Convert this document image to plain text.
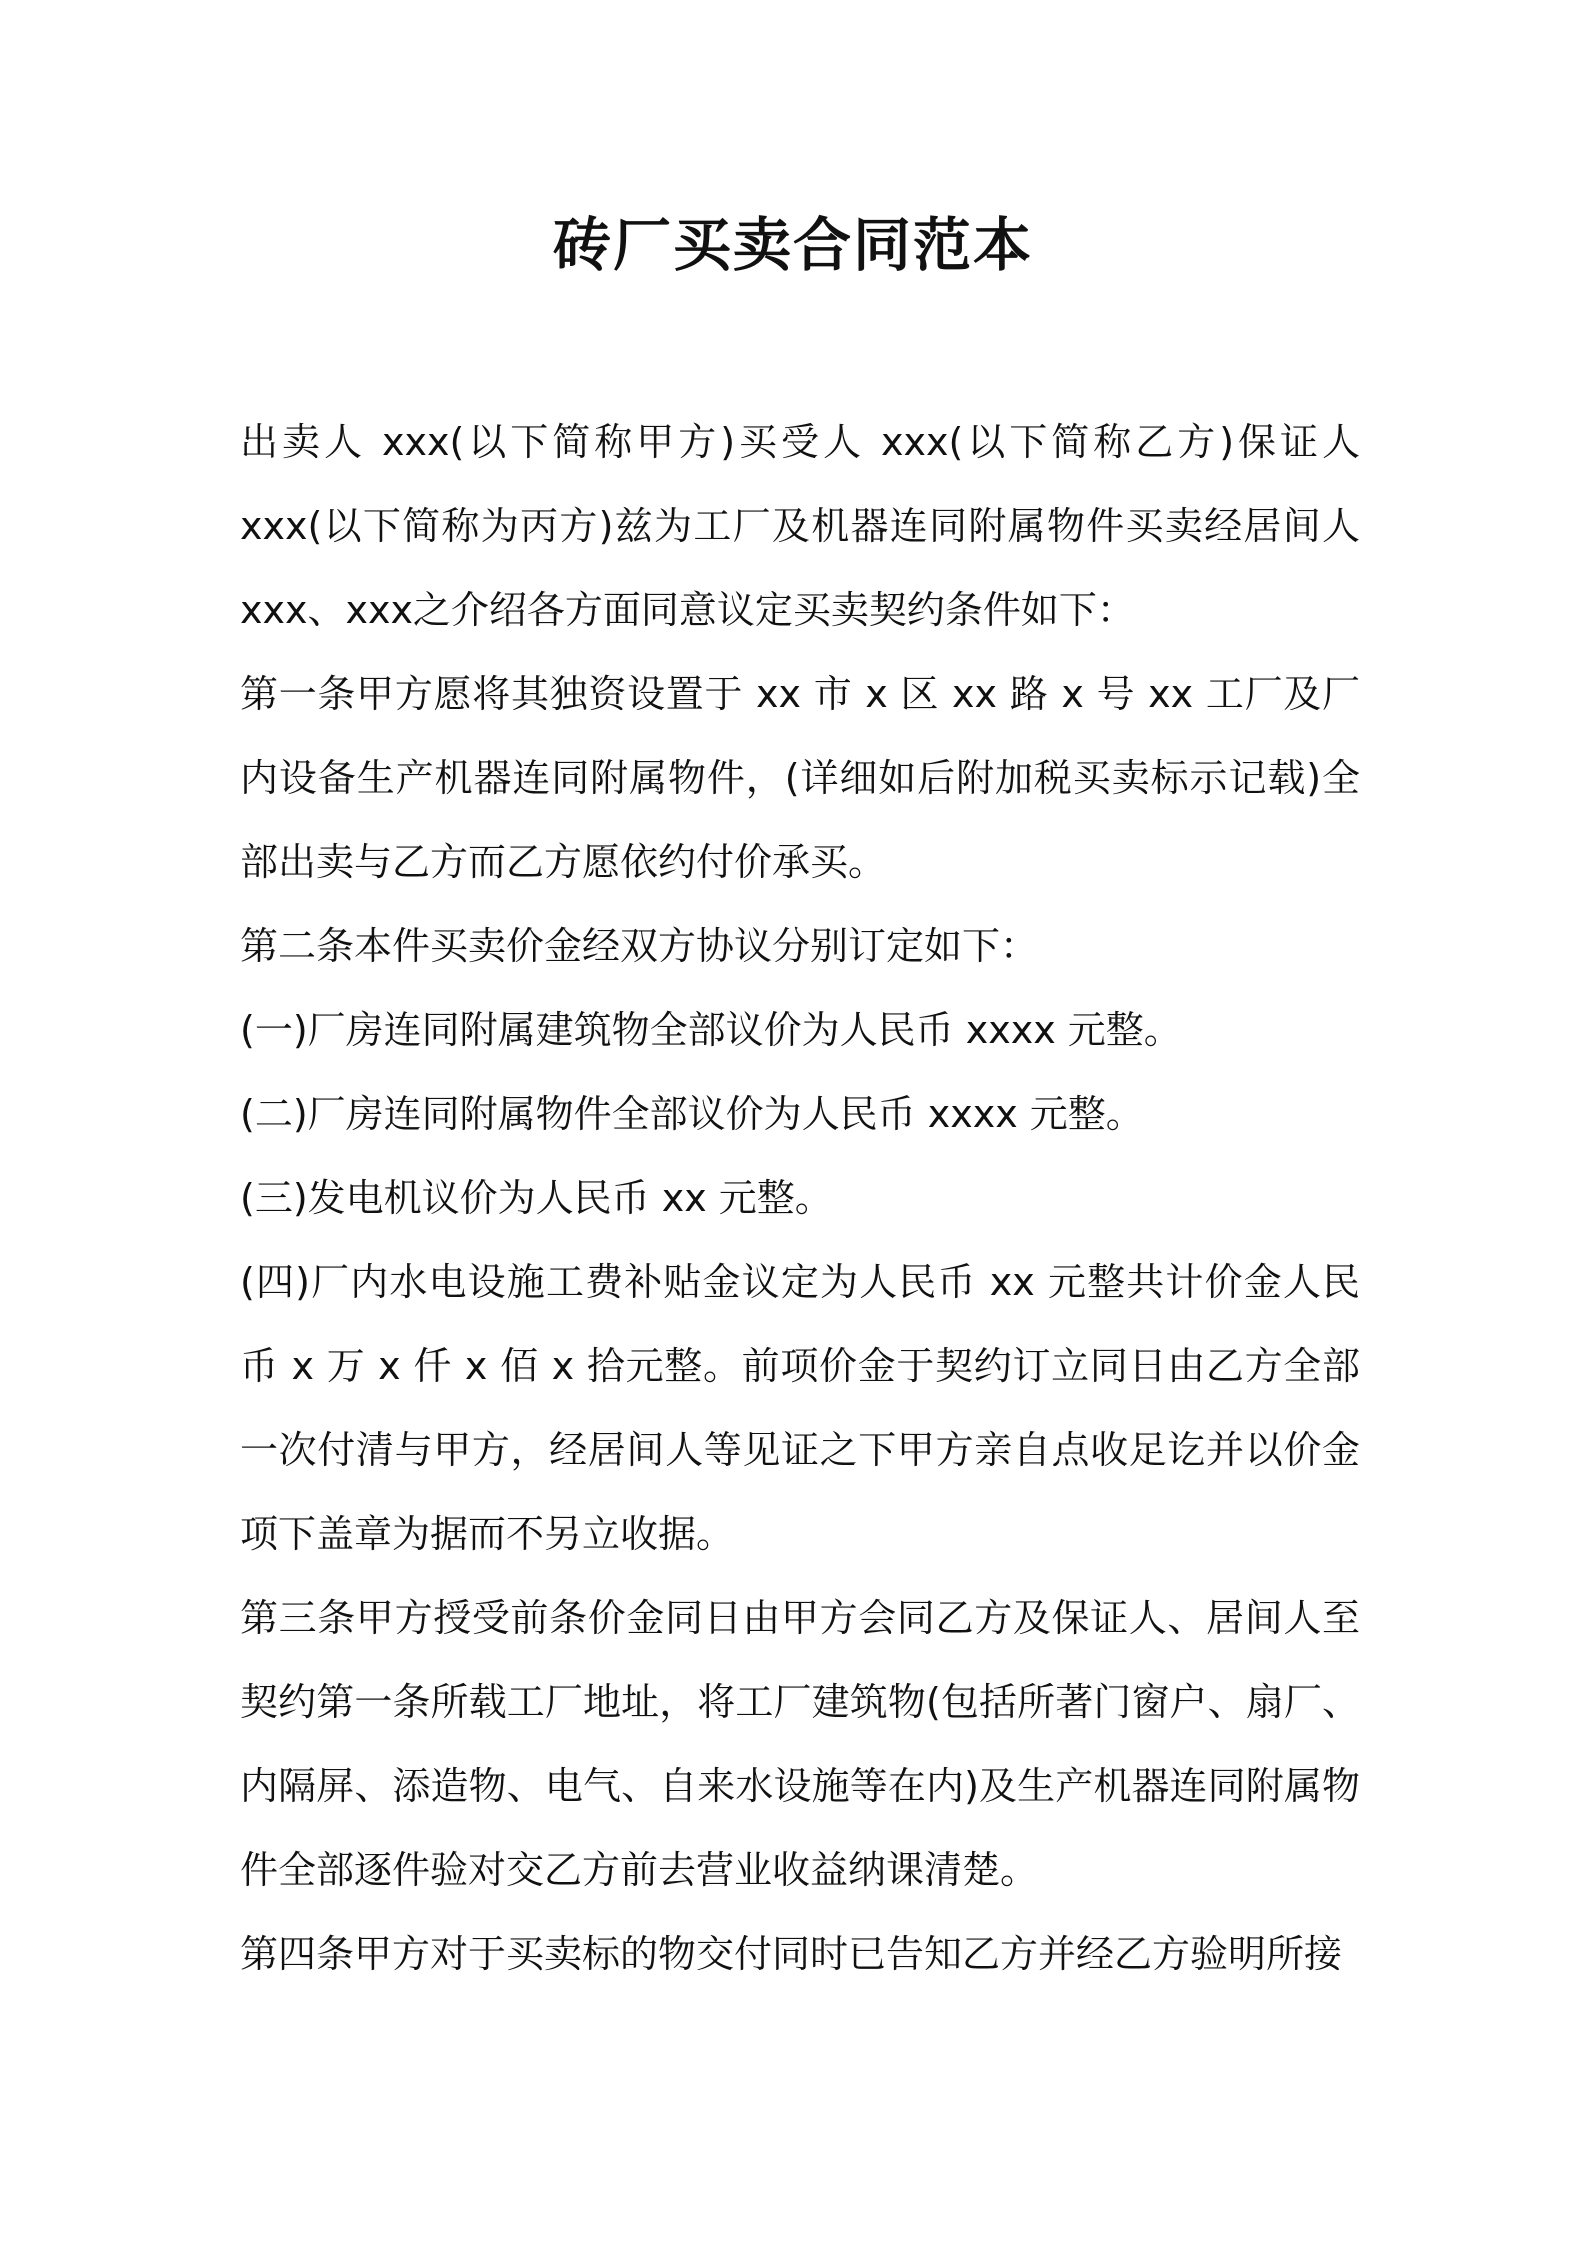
砖厂买卖合同范本

出卖人 xxx(以下简称甲方)买受人 xxx(以下简称乙方)保证人 xxx(以下简称为丙方)兹为工厂及机器连同附属物件买卖经居间人 xxx、xxx之介绍各方面同意议定买卖契约条件如下：

第一条甲方愿将其独资设置于 xx 市 x 区 xx 路 x 号 xx 工厂及厂内设备生产机器连同附属物件，(详细如后附加税买卖标示记载)全部出卖与乙方而乙方愿依约付价承买。

第二条本件买卖价金经双方协议分别订定如下：

(一)厂房连同附属建筑物全部议价为人民币 xxxx 元整。

(二)厂房连同附属物件全部议价为人民币 xxxx 元整。

(三)发电机议价为人民币 xx 元整。

(四)厂内水电设施工费补贴金议定为人民币 xx 元整共计价金人民币 x 万 x 仟 x 佰 x 拾元整。前项价金于契约订立同日由乙方全部一次付清与甲方，经居间人等见证之下甲方亲自点收足讫并以价金项下盖章为据而不另立收据。

第三条甲方授受前条价金同日由甲方会同乙方及保证人、居间人至契约第一条所载工厂地址，将工厂建筑物(包括所著门窗户、扇厂、内隔屏、添造物、电气、自来水设施等在内)及生产机器连同附属物件全部逐件验对交乙方前去营业收益纳课清楚。

第四条甲方对于买卖标的物交付同时已告知乙方并经乙方验明所接
